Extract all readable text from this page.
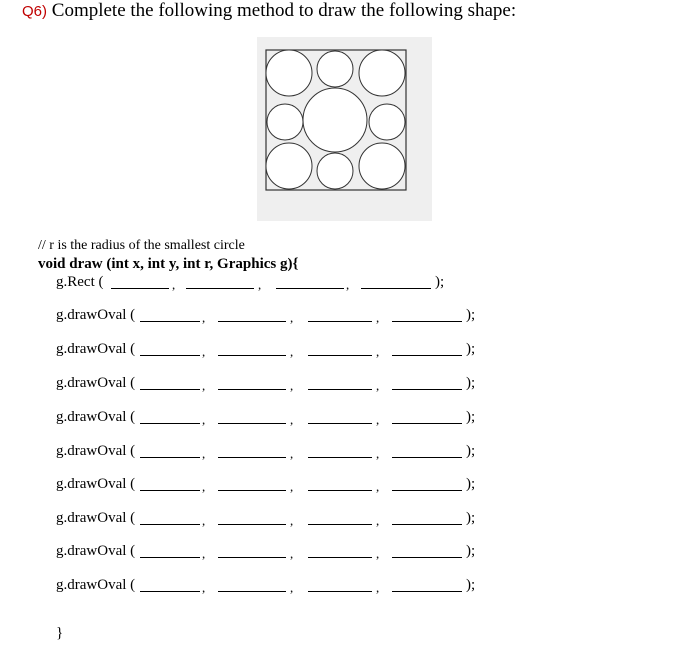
Q6) Complete the following method to draw the following shape:
// r is the radius of the smallest circle
void draw (int x, int y, int r, Graphics g){
g.Rect (	,	,	,	);
g.drawOval (	,	,	,	);
g.drawOval (	,	,	,	);
g.drawOval (	,	,	,	);
g.drawOval (	,	,	,	);
g.drawOval (	,	,	,	);
g.drawOval (	,	,	,	);
g.drawOval (	,	,	,	);
g.drawOval (	,	,	,	);
g.drawOval (	,	,	,	);
}
